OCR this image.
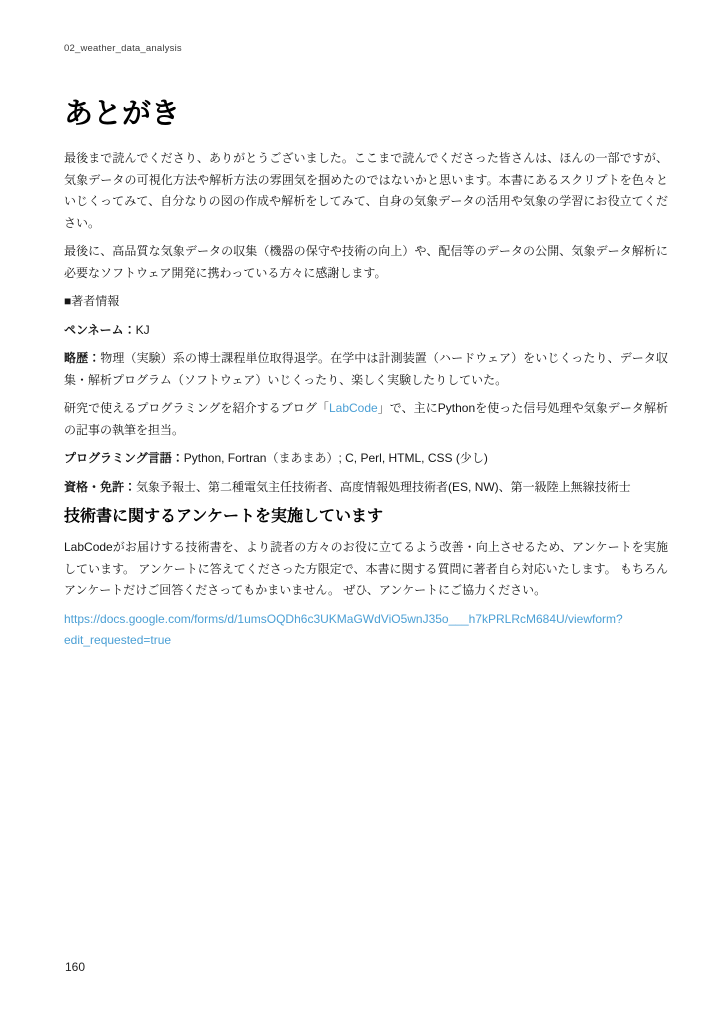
02_weather_data_analysis
あとがき

最後まで読んでくださり、ありがとうございました。ここまで読んでくださった皆さんは、ほんの一部ですが、気象データの可視化方法や解析方法の雰囲気を掴めたのではないかと思います。本書にあるスクリプトを色々といじくってみて、自分なりの図の作成や解析をしてみて、自身の気象データの活用や気象の学習にお役立てください。

最後に、高品質な気象データの収集（機器の保守や技術の向上）や、配信等のデータの公開、気象データ解析に必要なソフトウェア開発に携わっている方々に感謝します。

■著者情報

ペンネーム：KJ

略歴：物理（実験）系の博士課程単位取得退学。在学中は計測装置（ハードウェア）をいじくったり、データ収集・解析プログラム（ソフトウェア）いじくったり、楽しく実験したりしていた。

研究で使えるプログラミングを紹介するブログ「LabCode」で、主にPythonを使った信号処理や気象データ解析の記事の執筆を担当。

プログラミング言語：Python, Fortran（まあまあ）; C, Perl, HTML, CSS (少し)

資格・免許：気象予報士、第二種電気主任技術者、高度情報処理技術者(ES, NW)、第一級陸上無線技術士

技術書に関するアンケートを実施しています

LabCodeがお届けする技術書を、より読者の方々のお役に立てるよう改善・向上させるため、アンケートを実施しています。 アンケートに答えてくださった方限定で、本書に関する質問に著者自ら対応いたします。 もちろんアンケートだけご回答くださってもかまいません。 ぜひ、アンケートにご協力ください。

https://docs.google.com/forms/d/1umsOQDh6c3UKMaGWdViO5wnJ35o___h7kPRLRcM684U/viewform?
edit_requested=true

160
